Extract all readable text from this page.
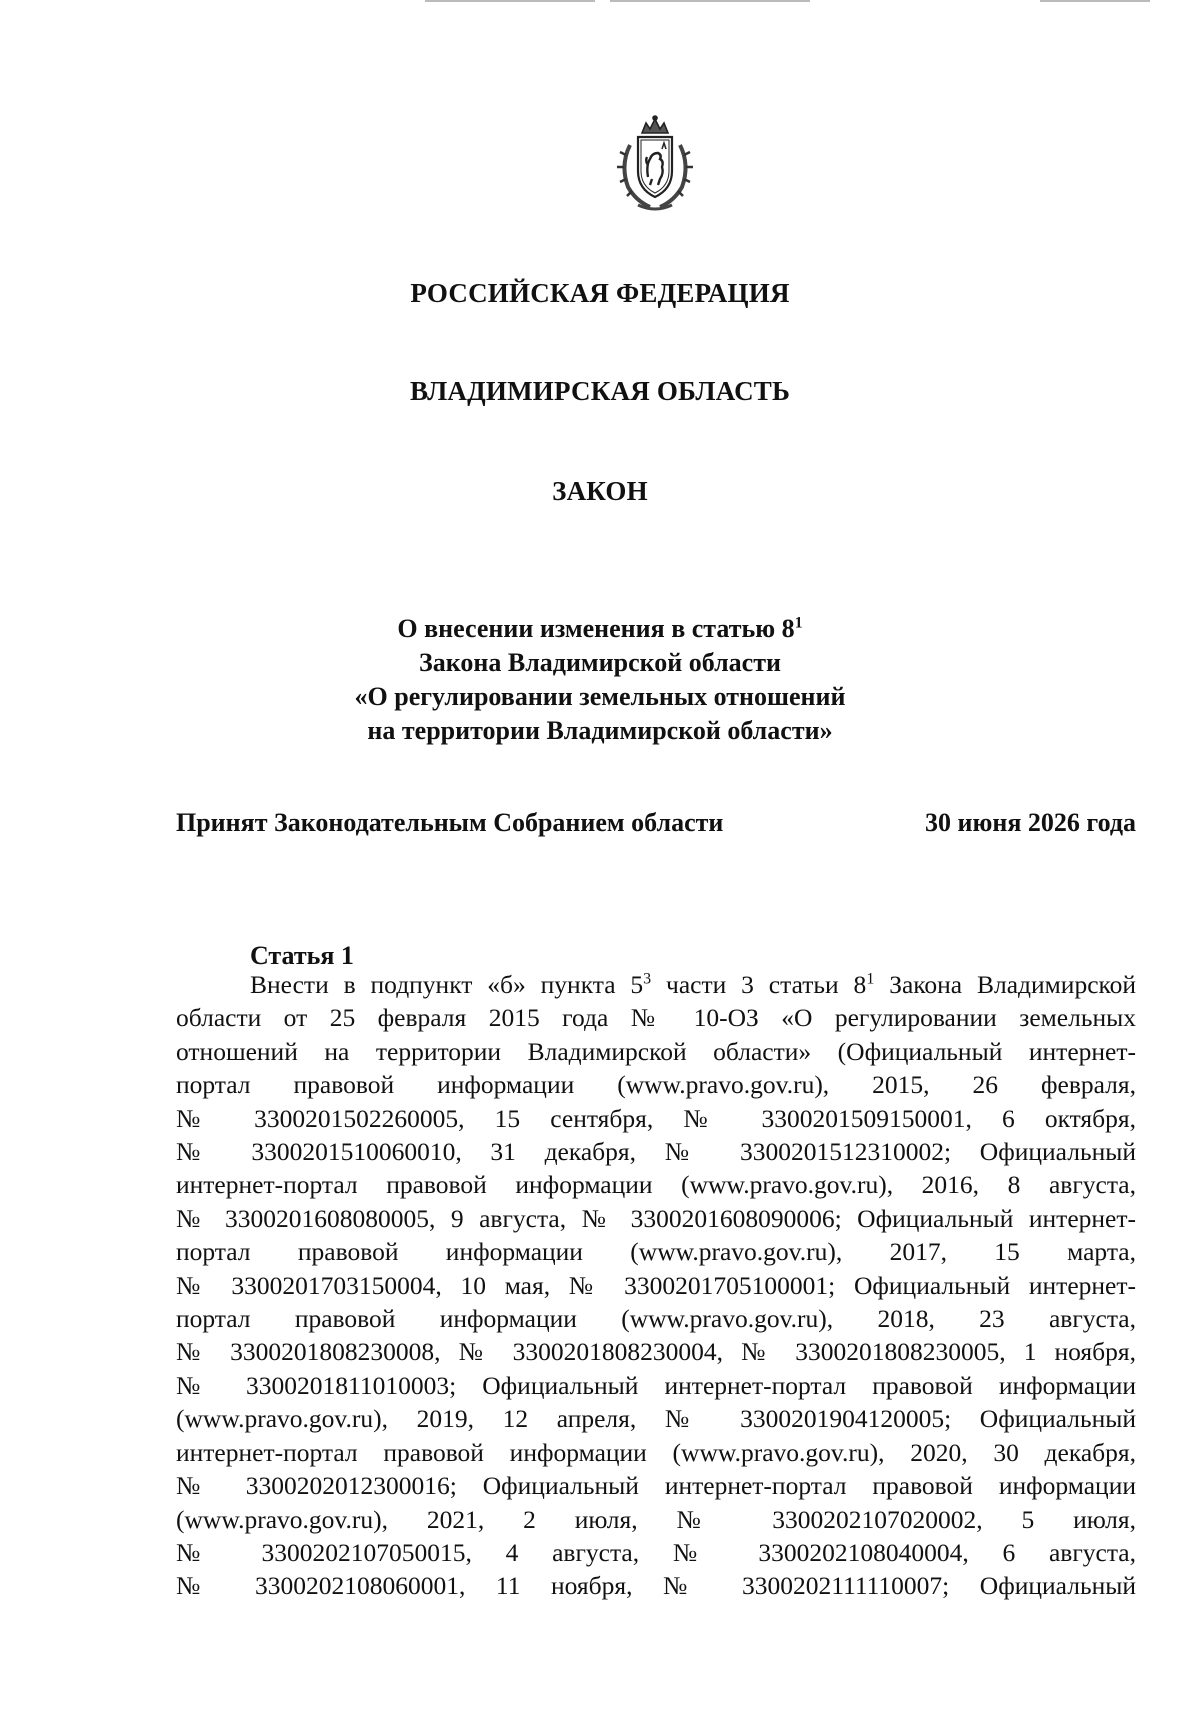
РОССИЙСКАЯ ФЕДЕРАЦИЯ
ВЛАДИМИРСКАЯ ОБЛАСТЬ
ЗАКОН
О внесении изменения в статью $8^1$
Закона Владимирской области
«О регулировании земельных отношений
на территории Владимирской области»
Принят Законодательным Собранием области	30 июня 2026 года
Статья 1
Внести в подпункт «б» пункта $5^3$ части 3 статьи $8^1$ Закона Владимирской
области от 25 февраля 2015 года № 10-ОЗ «О регулировании земельных
отношений на территории Владимирской области» (Официальный интернет-
портал правовой информации (www.pravo.gov.ru), 2015, 26 февраля,
№ 3300201502260005, 15 сентября, № 3300201509150001, 6 октября,
№ 3300201510060010, 31 декабря, № 3300201512310002; Официальный
интернет-портал правовой информации (www.pravo.gov.ru), 2016, 8 августа,
№ 3300201608080005, 9 августа, № 3300201608090006; Официальный интернет-
портал правовой информации (www.pravo.gov.ru), 2017, 15 марта,
№ 3300201703150004, 10 мая, № 3300201705100001; Официальный интернет-
портал правовой информации (www.pravo.gov.ru), 2018, 23 августа,
№ 3300201808230008, № 3300201808230004, № 3300201808230005, 1 ноября,
№ 3300201811010003; Официальный интернет-портал правовой информации
(www.pravo.gov.ru), 2019, 12 апреля, № 3300201904120005; Официальный
интернет-портал правовой информации (www.pravo.gov.ru), 2020, 30 декабря,
№ 3300202012300016; Официальный интернет-портал правовой информации
(www.pravo.gov.ru), 2021, 2 июля, № 3300202107020002, 5 июля,
№ 3300202107050015, 4 августа, № 3300202108040004, 6 августа,
№ 3300202108060001, 11 ноября, № 3300202111110007; Официальный
